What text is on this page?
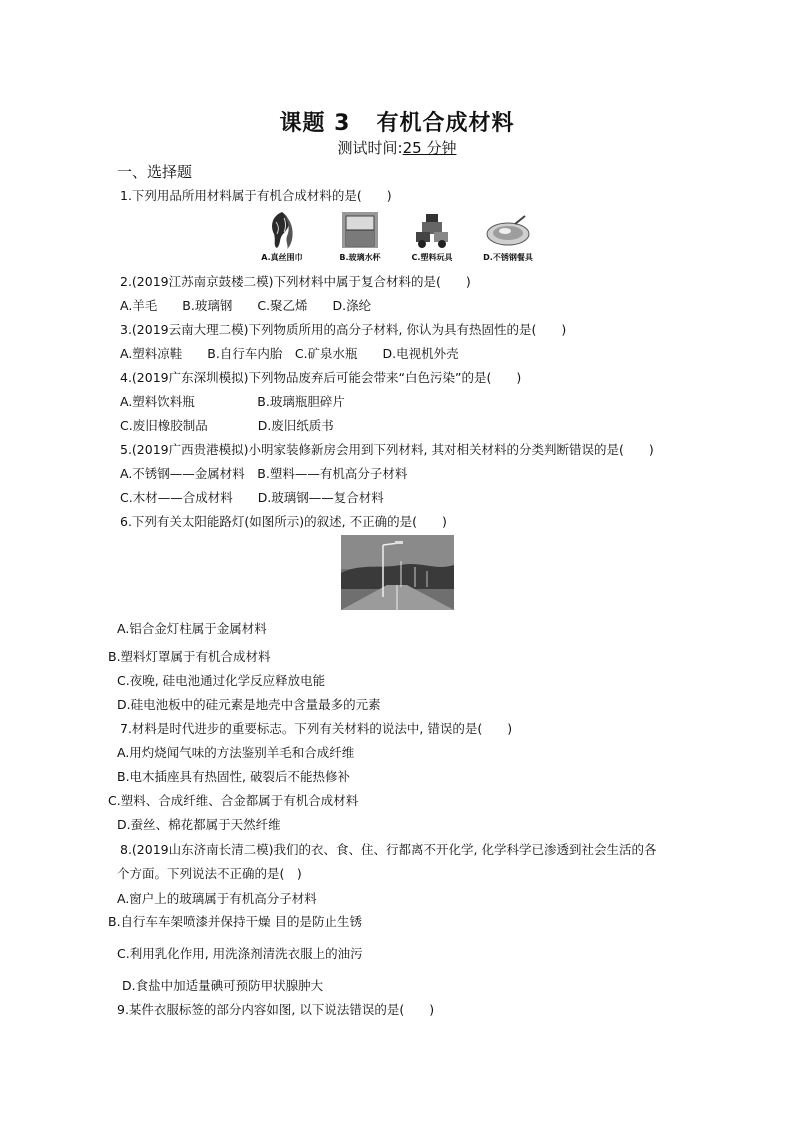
课题 3 有机合成材料
测试时间:25 分钟
一、选择题
1.下列用品所用材料属于有机合成材料的是(　　)
A.真丝围巾	B.玻璃水杯	C.塑料玩具	D.不锈钢餐具
2.(2019江苏南京鼓楼二模)下列材料中属于复合材料的是(　　)
A.羊毛　　B.玻璃钢　　C.聚乙烯　　D.涤纶
3.(2019云南大理二模)下列物质所用的高分子材料, 你认为具有热固性的是(　　)
A.塑料凉鞋　　B.自行车内胎　C.矿泉水瓶　　D.电视机外壳
4.(2019广东深圳模拟)下列物品废弃后可能会带来“白色污染”的是(　　)
A.塑料饮料瓶　　　　　B.玻璃瓶胆碎片
C.废旧橡胶制品　　　　D.废旧纸质书
5.(2019广西贵港模拟)小明家装修新房会用到下列材料, 其对相关材料的分类判断错误的是(　　)
A.不锈钢——金属材料　B.塑料——有机高分子材料
C.木材——合成材料　　D.玻璃钢——复合材料
6.下列有关太阳能路灯(如图所示)的叙述, 不正确的是(　　)
A.铝合金灯柱属于金属材料
B.塑料灯罩属于有机合成材料
C.夜晚, 硅电池通过化学反应释放电能
D.硅电池板中的硅元素是地壳中含量最多的元素
7.材料是时代进步的重要标志。下列有关材料的说法中, 错误的是(　　)
A.用灼烧闻气味的方法鉴别羊毛和合成纤维
B.电木插座具有热固性, 破裂后不能热修补
C.塑料、合成纤维、合金都属于有机合成材料
D.蚕丝、棉花都属于天然纤维
8.(2019山东济南长清二模)我们的衣、食、住、行都离不开化学, 化学科学已渗透到社会生活的各
个方面。下列说法不正确的是(　)
A.窗户上的玻璃属于有机高分子材料
B.自行车车架喷漆并保持干燥 目的是防止生锈
C.利用乳化作用, 用洗涤剂清洗衣服上的油污
D.食盐中加适量碘可预防甲状腺肿大
9.某件衣服标签的部分内容如图, 以下说法错误的是(　　)
